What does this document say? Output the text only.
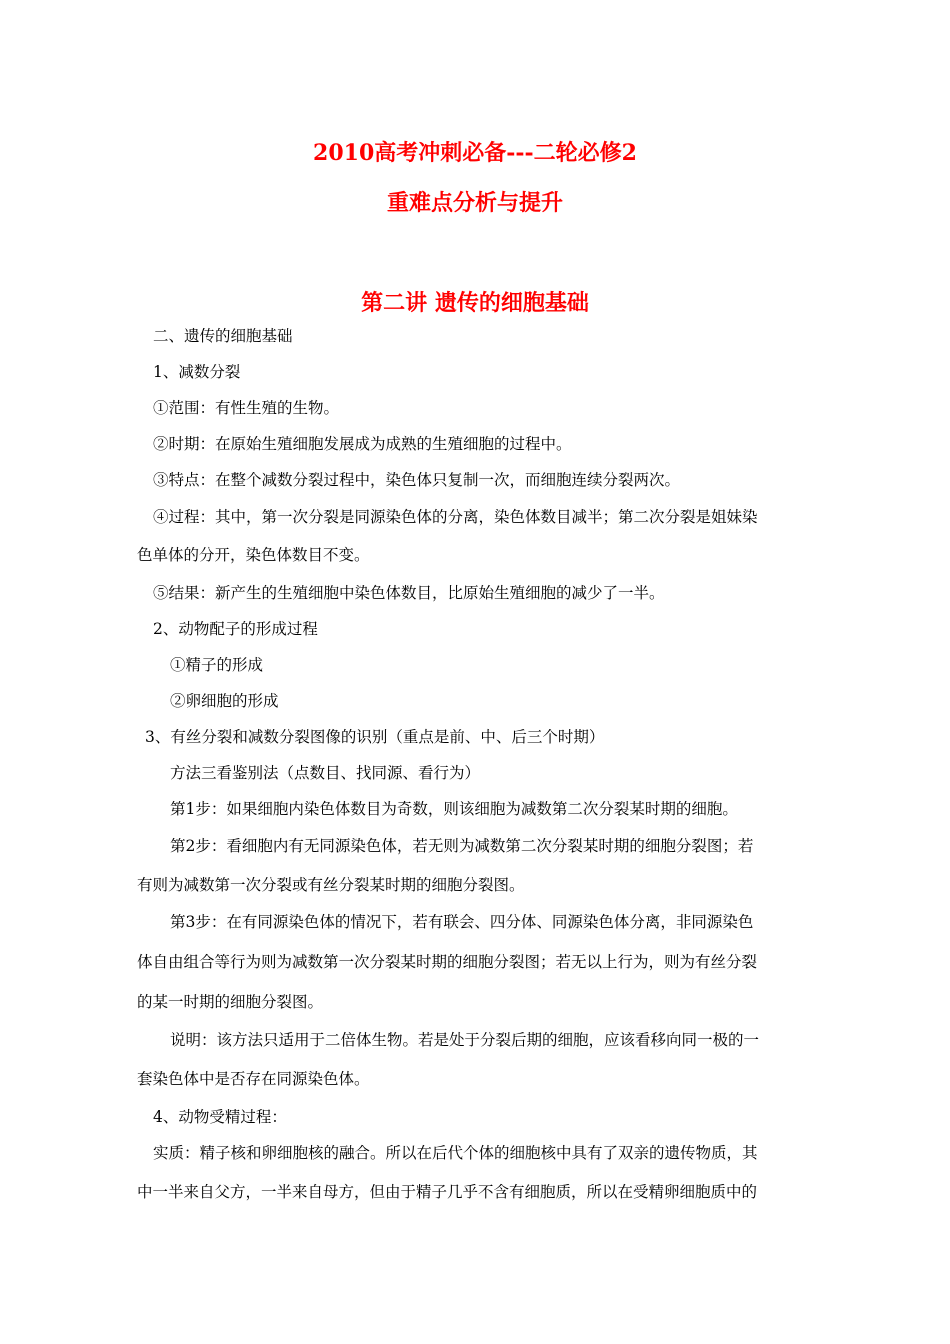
2010高考冲刺必备---二轮必修2
重难点分析与提升
第二讲 遗传的细胞基础
二、遗传的细胞基础
1、减数分裂
①范围：有性生殖的生物。
②时期：在原始生殖细胞发展成为成熟的生殖细胞的过程中。
③特点：在整个减数分裂过程中，染色体只复制一次，而细胞连续分裂两次。
④过程：其中，第一次分裂是同源染色体的分离，染色体数目减半；第二次分裂是姐妹染
色单体的分开，染色体数目不变。
⑤结果：新产生的生殖细胞中染色体数目，比原始生殖细胞的减少了一半。
2、动物配子的形成过程
①精子的形成
②卵细胞的形成
3、有丝分裂和减数分裂图像的识别（重点是前、中、后三个时期）
方法三看鉴别法（点数目、找同源、看行为）
第1步：如果细胞内染色体数目为奇数，则该细胞为减数第二次分裂某时期的细胞。
第2步：看细胞内有无同源染色体，若无则为减数第二次分裂某时期的细胞分裂图；若
有则为减数第一次分裂或有丝分裂某时期的细胞分裂图。
第3步：在有同源染色体的情况下，若有联会、四分体、同源染色体分离，非同源染色
体自由组合等行为则为减数第一次分裂某时期的细胞分裂图；若无以上行为，则为有丝分裂
的某一时期的细胞分裂图。
说明：该方法只适用于二倍体生物。若是处于分裂后期的细胞，应该看移向同一极的一
套染色体中是否存在同源染色体。
4、动物受精过程：
实质：精子核和卵细胞核的融合。所以在后代个体的细胞核中具有了双亲的遗传物质，其
中一半来自父方，一半来自母方，但由于精子几乎不含有细胞质，所以在受精卵细胞质中的
